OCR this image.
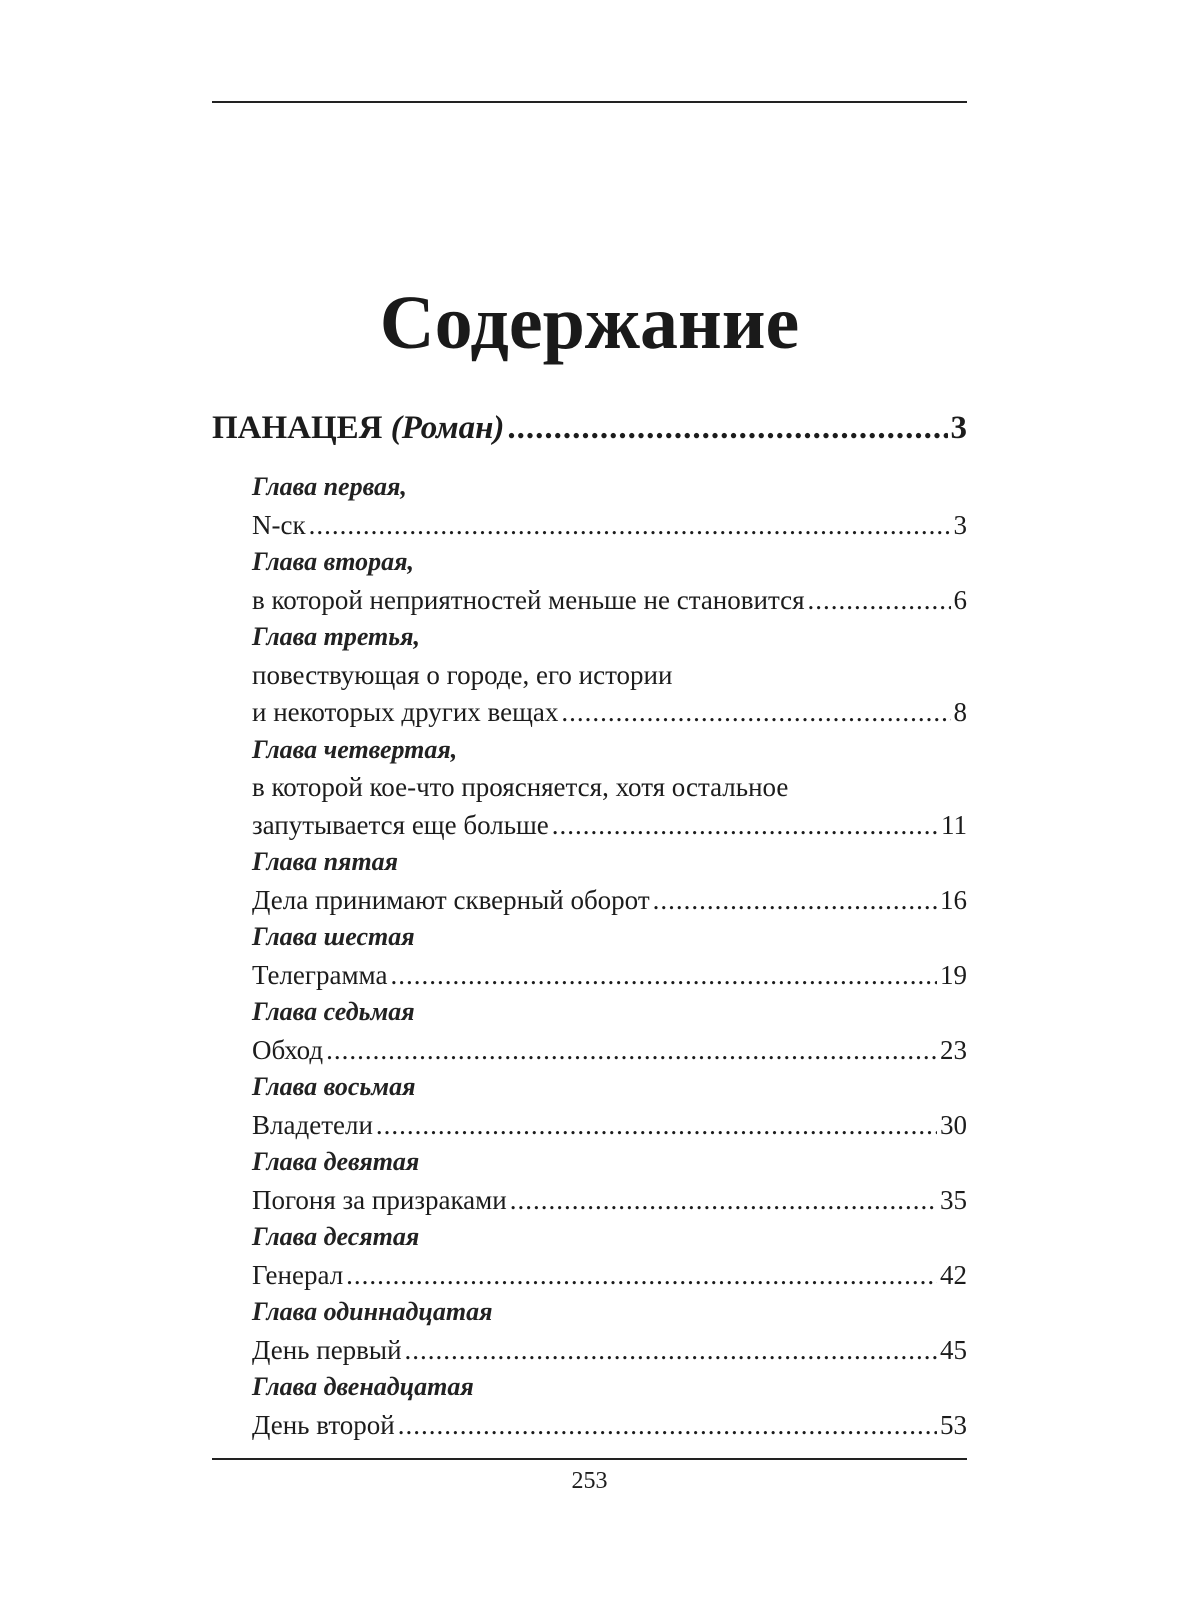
Содержание
ПАНАЦЕЯ (Роман) .....	3
Глава первая,
N-ск .....	3
Глава вторая,
в которой неприятностей меньше не становится .....	6
Глава третья,
повествующая о городе, его истории
и некоторых других вещах .....	8
Глава четвертая,
в которой кое-что проясняется, хотя остальное
запутывается еще больше .....	11
Глава пятая
Дела принимают скверный оборот .....	16
Глава шестая
Телеграмма .....	19
Глава седьмая
Обход .....	23
Глава восьмая
Владетели .....	30
Глава девятая
Погоня за призраками .....	35
Глава десятая
Генерал .....	42
Глава одиннадцатая
День первый .....	45
Глава двенадцатая
День второй .....	53
253
